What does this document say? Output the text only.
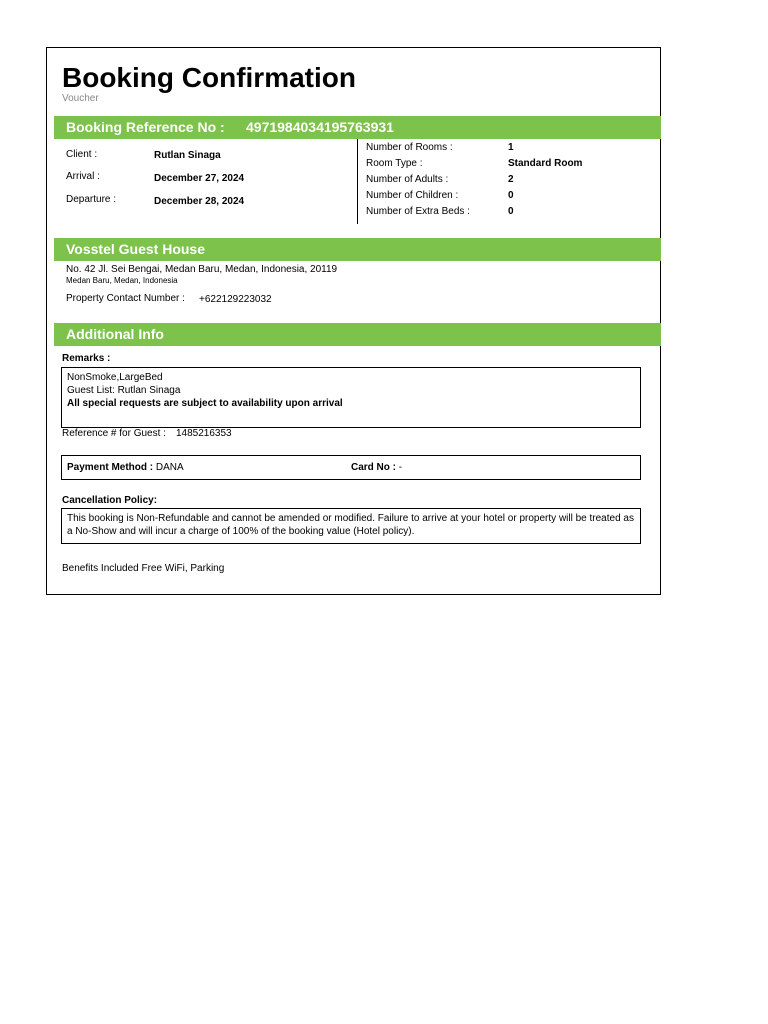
Booking Confirmation
Voucher
Booking Reference No : 4971984034195763931
Client :	Rutlan Sinaga
Arrival :	December 27, 2024
Departure :	December 28, 2024
Number of Rooms :	1
Room Type :	Standard Room
Number of Adults :	2
Number of Children :	0
Number of Extra Beds :	0
Vosstel Guest House
No. 42 Jl. Sei Bengai, Medan Baru, Medan, Indonesia, 20119
Medan Baru, Medan, Indonesia
Property Contact Number : +622129223032
Additional Info
Remarks :
NonSmoke,LargeBed
Guest List: Rutlan Sinaga
All special requests are subject to availability upon arrival
Reference # for Guest : 1485216353
Payment Method : DANA	Card No : -
Cancellation Policy:
This booking is Non-Refundable and cannot be amended or modified. Failure to arrive at your hotel or property will be treated as a No-Show and will incur a charge of 100% of the booking value (Hotel policy).
Benefits Included Free WiFi, Parking
